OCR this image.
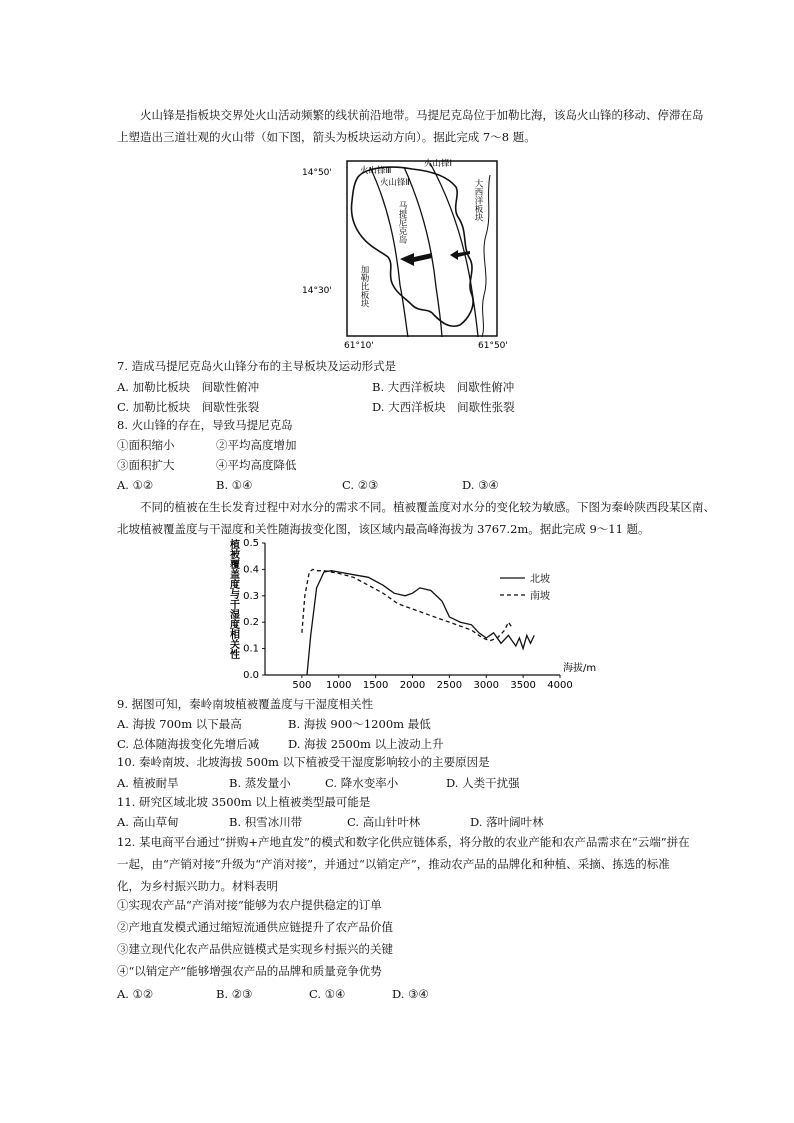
火山锋是指板块交界处火山活动频繁的线状前沿地带。马提尼克岛位于加勒比海，该岛火山锋的移动、停滞在岛
上塑造出三道壮观的火山带（如下图，箭头为板块运动方向）。据此完成 7～8 题。
14°50'
14°30'
61°10'	61°50'
火山锋Ⅲ
火山锋Ⅱ
火山锋Ⅰ
马提尼克岛
大西洋板块
加勒比板块
7. 造成马提尼克岛火山锋分布的主导板块及运动形式是
A. 加勒比板块　间歇性俯冲	B. 大西洋板块　间歇性俯冲
C. 加勒比板块　间歇性张裂	D. 大西洋板块　间歇性张裂
8. 火山锋的存在，导致马提尼克岛
①面积缩小	②平均高度增加
③面积扩大	④平均高度降低
A. ①②	B. ①④	C. ②③	D. ③④
不同的植被在生长发育过程中对水分的需求不同。植被覆盖度对水分的变化较为敏感。下图为秦岭陕西段某区南、
北坡植被覆盖度与干湿度和关性随海拔变化图，该区域内最高峰海拔为 3767.2m。据此完成 9～11 题。
植被覆盖度与干湿度相关性
海拔/m
0.0
0.1
0.2
0.3
0.4
0.5
500 1000 1500 2000 2500 3000 3500 4000
北坡
南坡
9. 据图可知，秦岭南坡植被覆盖度与干湿度相关性
A. 海拔 700m 以下最高	B. 海拔 900～1200m 最低
C. 总体随海拔变化先增后减	D. 海拔 2500m 以上波动上升
10. 秦岭南坡、北坡海拔 500m 以下植被受干湿度影响较小的主要原因是
A. 植被耐旱	B. 蒸发量小	C. 降水变率小	D. 人类干扰强
11. 研究区域北坡 3500m 以上植被类型最可能是
A. 高山草甸	B. 积雪冰川带	C. 高山针叶林	D. 落叶阔叶林
12. 某电商平台通过“拼购+产地直发”的模式和数字化供应链体系，将分散的农业产能和农产品需求在“云端”拼在
一起，由“产销对接”升级为“产消对接”，并通过“以销定产”，推动农产品的品牌化和种植、采摘、拣选的标准
化，为乡村振兴助力。材料表明
①实现农产品“产消对接”能够为农户提供稳定的订单
②产地直发模式通过缩短流通供应链提升了农产品价值
③建立现代化农产品供应链模式是实现乡村振兴的关键
④“以销定产”能够增强农产品的品牌和质量竞争优势
A. ①②	B. ②③	C. ①④	D. ③④
